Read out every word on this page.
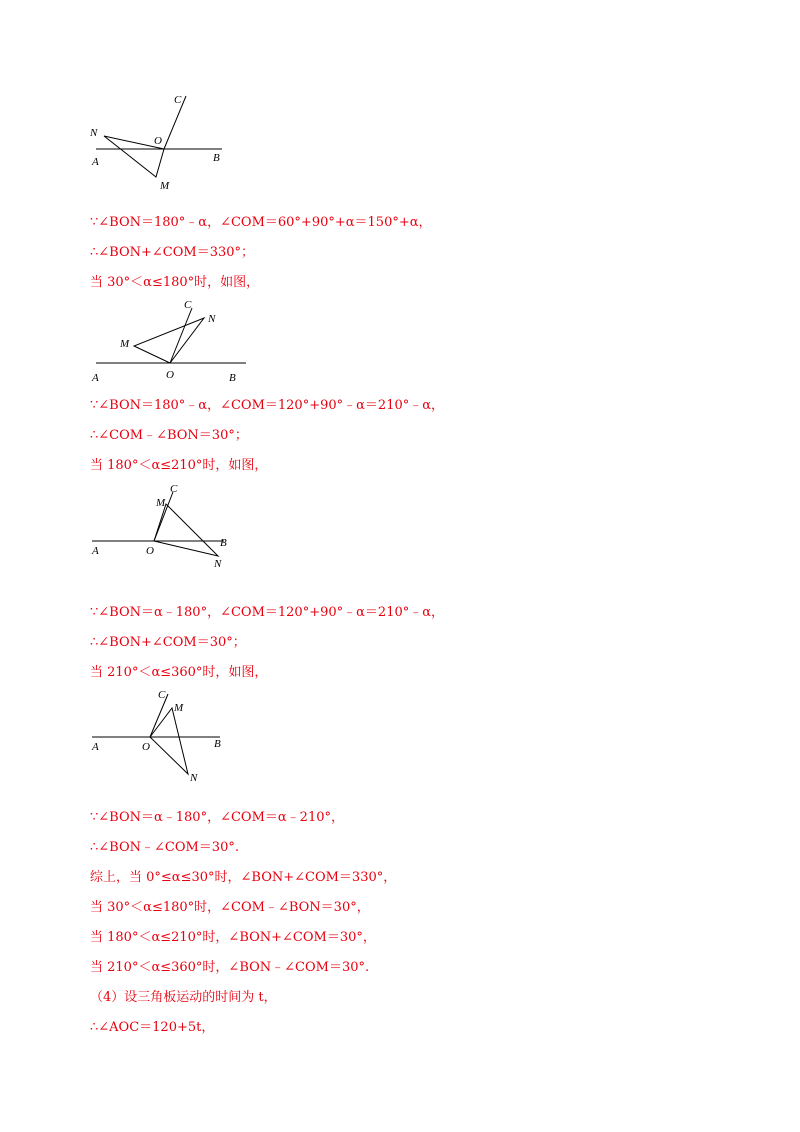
C
N
O
A	B
M
∵∠BON＝180°﹣α，∠COM＝60°+90°+α＝150°+α，
∴∠BON+∠COM＝330°；
当 30°＜α≤180°时，如图，
C
N
M
A	O	B
∵∠BON＝180°﹣α，∠COM＝120°+90°﹣α＝210°﹣α，
∴∠COM﹣∠BON＝30°；
当 180°＜α≤210°时，如图，
C
M
A	O
B
N
∵∠BON＝α﹣180°，∠COM＝120°+90°﹣α＝210°﹣α，
∴∠BON+∠COM＝30°；
当 210°＜α≤360°时，如图，
C
M
A	O	B
N
∵∠BON＝α﹣180°，∠COM＝α﹣210°，
∴∠BON﹣∠COM＝30°.
综上，当 0°≤α≤30°时，∠BON+∠COM＝330°，
当 30°＜α≤180°时，∠COM﹣∠BON＝30°，
当 180°＜α≤210°时，∠BON+∠COM＝30°，
当 210°＜α≤360°时，∠BON﹣∠COM＝30°.
（4）设三角板运动的时间为 t，
∴∠AOC＝120+5t，
